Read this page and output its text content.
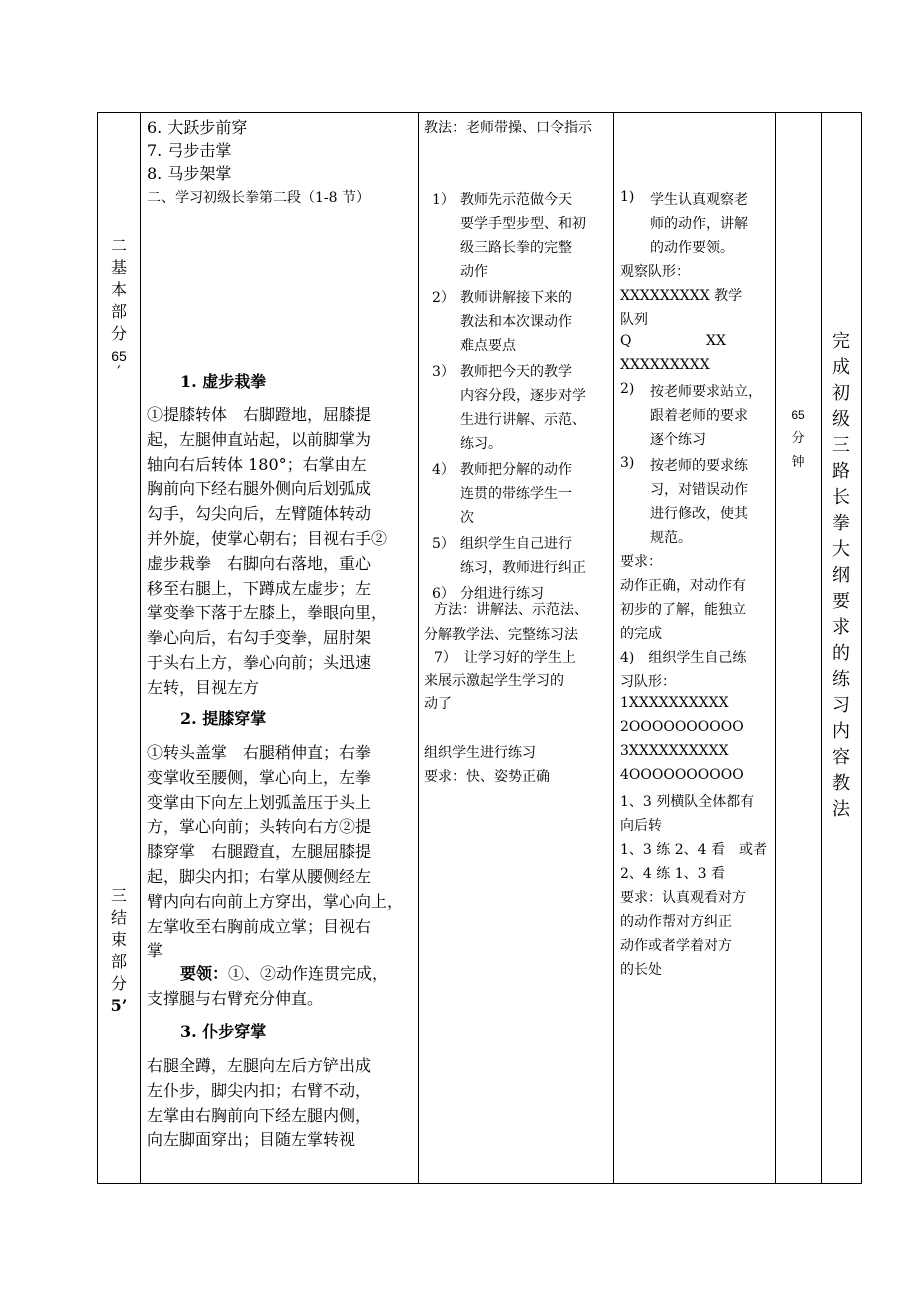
二
基
本
部
分
65
′
三
结
束
部
分
5’
6. 大跃步前穿
7. 弓步击掌
8. 马步架掌
二、学习初级长拳第二段（1-8 节）
1. 虚步栽拳
①提膝转体　右脚蹬地，屈膝提
起，左腿伸直站起，以前脚掌为
轴向右后转体 180°；右掌由左
胸前向下经右腿外侧向后划弧成
勾手，勾尖向后，左臂随体转动
并外旋，使掌心朝右；目视右手②
虚步栽拳　右脚向右落地，重心
移至右腿上，下蹲成左虚步；左
掌变拳下落于左膝上，拳眼向里，
拳心向后，右勾手变拳，屈肘架
于头右上方，拳心向前；头迅速
左转，目视左方
2. 提膝穿掌
①转头盖掌　右腿稍伸直；右拳
变掌收至腰侧，掌心向上，左拳
变掌由下向左上划弧盖压于头上
方，掌心向前；头转向右方②提
膝穿掌　右腿蹬直，左腿屈膝提
起，脚尖内扣；右掌从腰侧经左
臂内向右向前上方穿出，掌心向上，
左掌收至右胸前成立掌；目视右
掌
要领：①、②动作连贯完成，
支撑腿与右臂充分伸直。
3. 仆步穿掌
右腿全蹲，左腿向左后方铲出成
左仆步，脚尖内扣；右臂不动，
左掌由右胸前向下经左腿内侧，
向左脚面穿出；目随左掌转视
教法：老师带操、口令指示
1） 教师先示范做今天
要学手型步型、和初
级三路长拳的完整
动作
2） 教师讲解接下来的
教法和本次课动作
难点要点
3） 教师把今天的教学
内容分段，逐步对学
生进行讲解、示范、
练习。
4） 教师把分解的动作
连贯的带练学生一
次
5） 组织学生自己进行
练习，教师进行纠正
6） 分组进行练习
方法：讲解法、示范法、
分解教学法、完整练习法
7）　让学习好的学生上
来展示激起学生学习的
动了
组织学生进行练习
要求：快、姿势正确
1) 学生认真观察老
师的动作，讲解
的动作要领。
观察队形：
XXXXXXXXX 教学
队列
Q	XX
XXXXXXXXX
2) 按老师要求站立，
跟着老师的要求
逐个练习
3) 按老师的要求练
习，对错误动作
进行修改，使其
规范。
要求：
动作正确，对动作有
初步的了解，能独立
的完成
4)　组织学生自己练
习队形：
1XXXXXXXXXX
2OOOOOOOOOO
3XXXXXXXXXX
4OOOOOOOOOO
1、3 列横队全体都有
向后转
1、3 练 2、4 看　或者
2、4 练 1、3 看
要求：认真观看对方
的动作帮对方纠正
动作或者学着对方
的长处
65
分
钟
完
成
初
级
三
路
长
拳
大
纲
要
求
的
练
习
内
容
教
法
